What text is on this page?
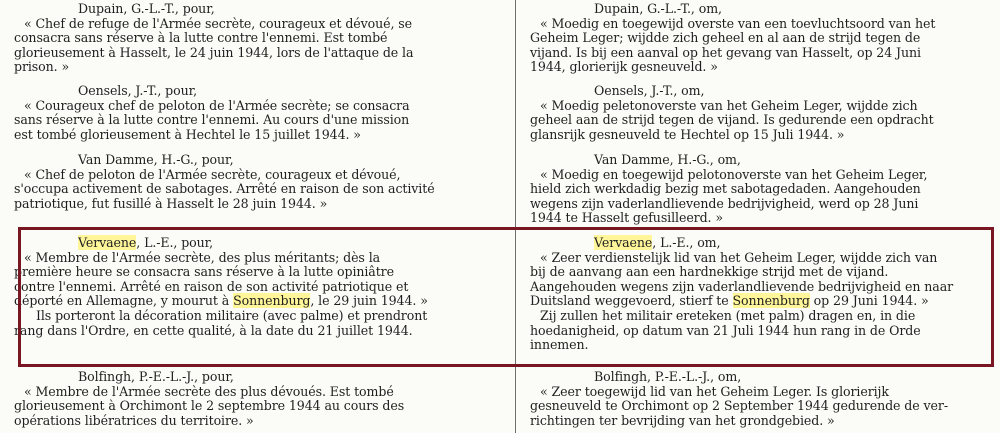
Dupain, G.-L.-T., pour,
« Chef de refuge de l'Armée secrète, courageux et dévoué, se
consacra sans réserve à la lutte contre l'ennemi. Est tombé
glorieusement à Hasselt, le 24 juin 1944, lors de l'attaque de la
prison. »
Oensels, J.-T., pour,
« Courageux chef de peloton de l'Armée secrète; se consacra
sans réserve à la lutte contre l'ennemi. Au cours d'une mission
est tombé glorieusement à Hechtel le 15 juillet 1944. »
Van Damme, H.-G., pour,
« Chef de peloton de l'Armée secrète, courageux et dévoué,
s'occupa activement de sabotages. Arrêté en raison de son activité
patriotique, fut fusillé à Hasselt le 28 juin 1944. »
Vervaene, L.-E., pour,
« Membre de l'Armée secrète, des plus méritants; dès la
première heure se consacra sans réserve à la lutte opiniâtre
contre l'ennemi. Arrêté en raison de son activité patriotique et
déporté en Allemagne, y mourut à Sonnenburg, le 29 juin 1944. »
Ils porteront la décoration militaire (avec palme) et prendront
rang dans l'Ordre, en cette qualité, à la date du 21 juillet 1944.
Bolfingh, P.-E.-L.-J., pour,
« Membre de l'Armée secrète des plus dévoués. Est tombé
glorieusement à Orchimont le 2 septembre 1944 au cours des
opérations libératrices du territoire. »
Dupain, G.-L.-T., om,
« Moedig en toegewijd overste van een toevluchtsoord van het
Geheim Leger; wijdde zich geheel en al aan de strijd tegen de
vijand. Is bij een aanval op het gevang van Hasselt, op 24 Juni
1944, glorierijk gesneuveld. »
Oensels, J.-T., om,
« Moedig peletonoverste van het Geheim Leger, wijdde zich
geheel aan de strijd tegen de vijand. Is gedurende een opdracht
glansrijk gesneuveld te Hechtel op 15 Juli 1944. »
Van Damme, H.-G., om,
« Moedig en toegewijd pelotonoverste van het Geheim Leger,
hield zich werkdadig bezig met sabotagedaden. Aangehouden
wegens zijn vaderlandlievende bedrijvigheid, werd op 28 Juni
1944 te Hasselt gefusilleerd. »
Vervaene, L.-E., om,
« Zeer verdienstelijk lid van het Geheim Leger, wijdde zich van
bij de aanvang aan een hardnekkige strijd met de vijand.
Aangehouden wegens zijn vaderlandlievende bedrijvigheid en naar
Duitsland weggevoerd, stierf te Sonnenburg op 29 Juni 1944. »
Zij zullen het militair ereteken (met palm) dragen en, in die
hoedanigheid, op datum van 21 Juli 1944 hun rang in de Orde
innemen.
Bolfingh, P.-E.-L.-J., om,
« Zeer toegewijd lid van het Geheim Leger. Is glorierijk
gesneuveld te Orchimont op 2 September 1944 gedurende de ver-
richtingen ter bevrijding van het grondgebied. »
